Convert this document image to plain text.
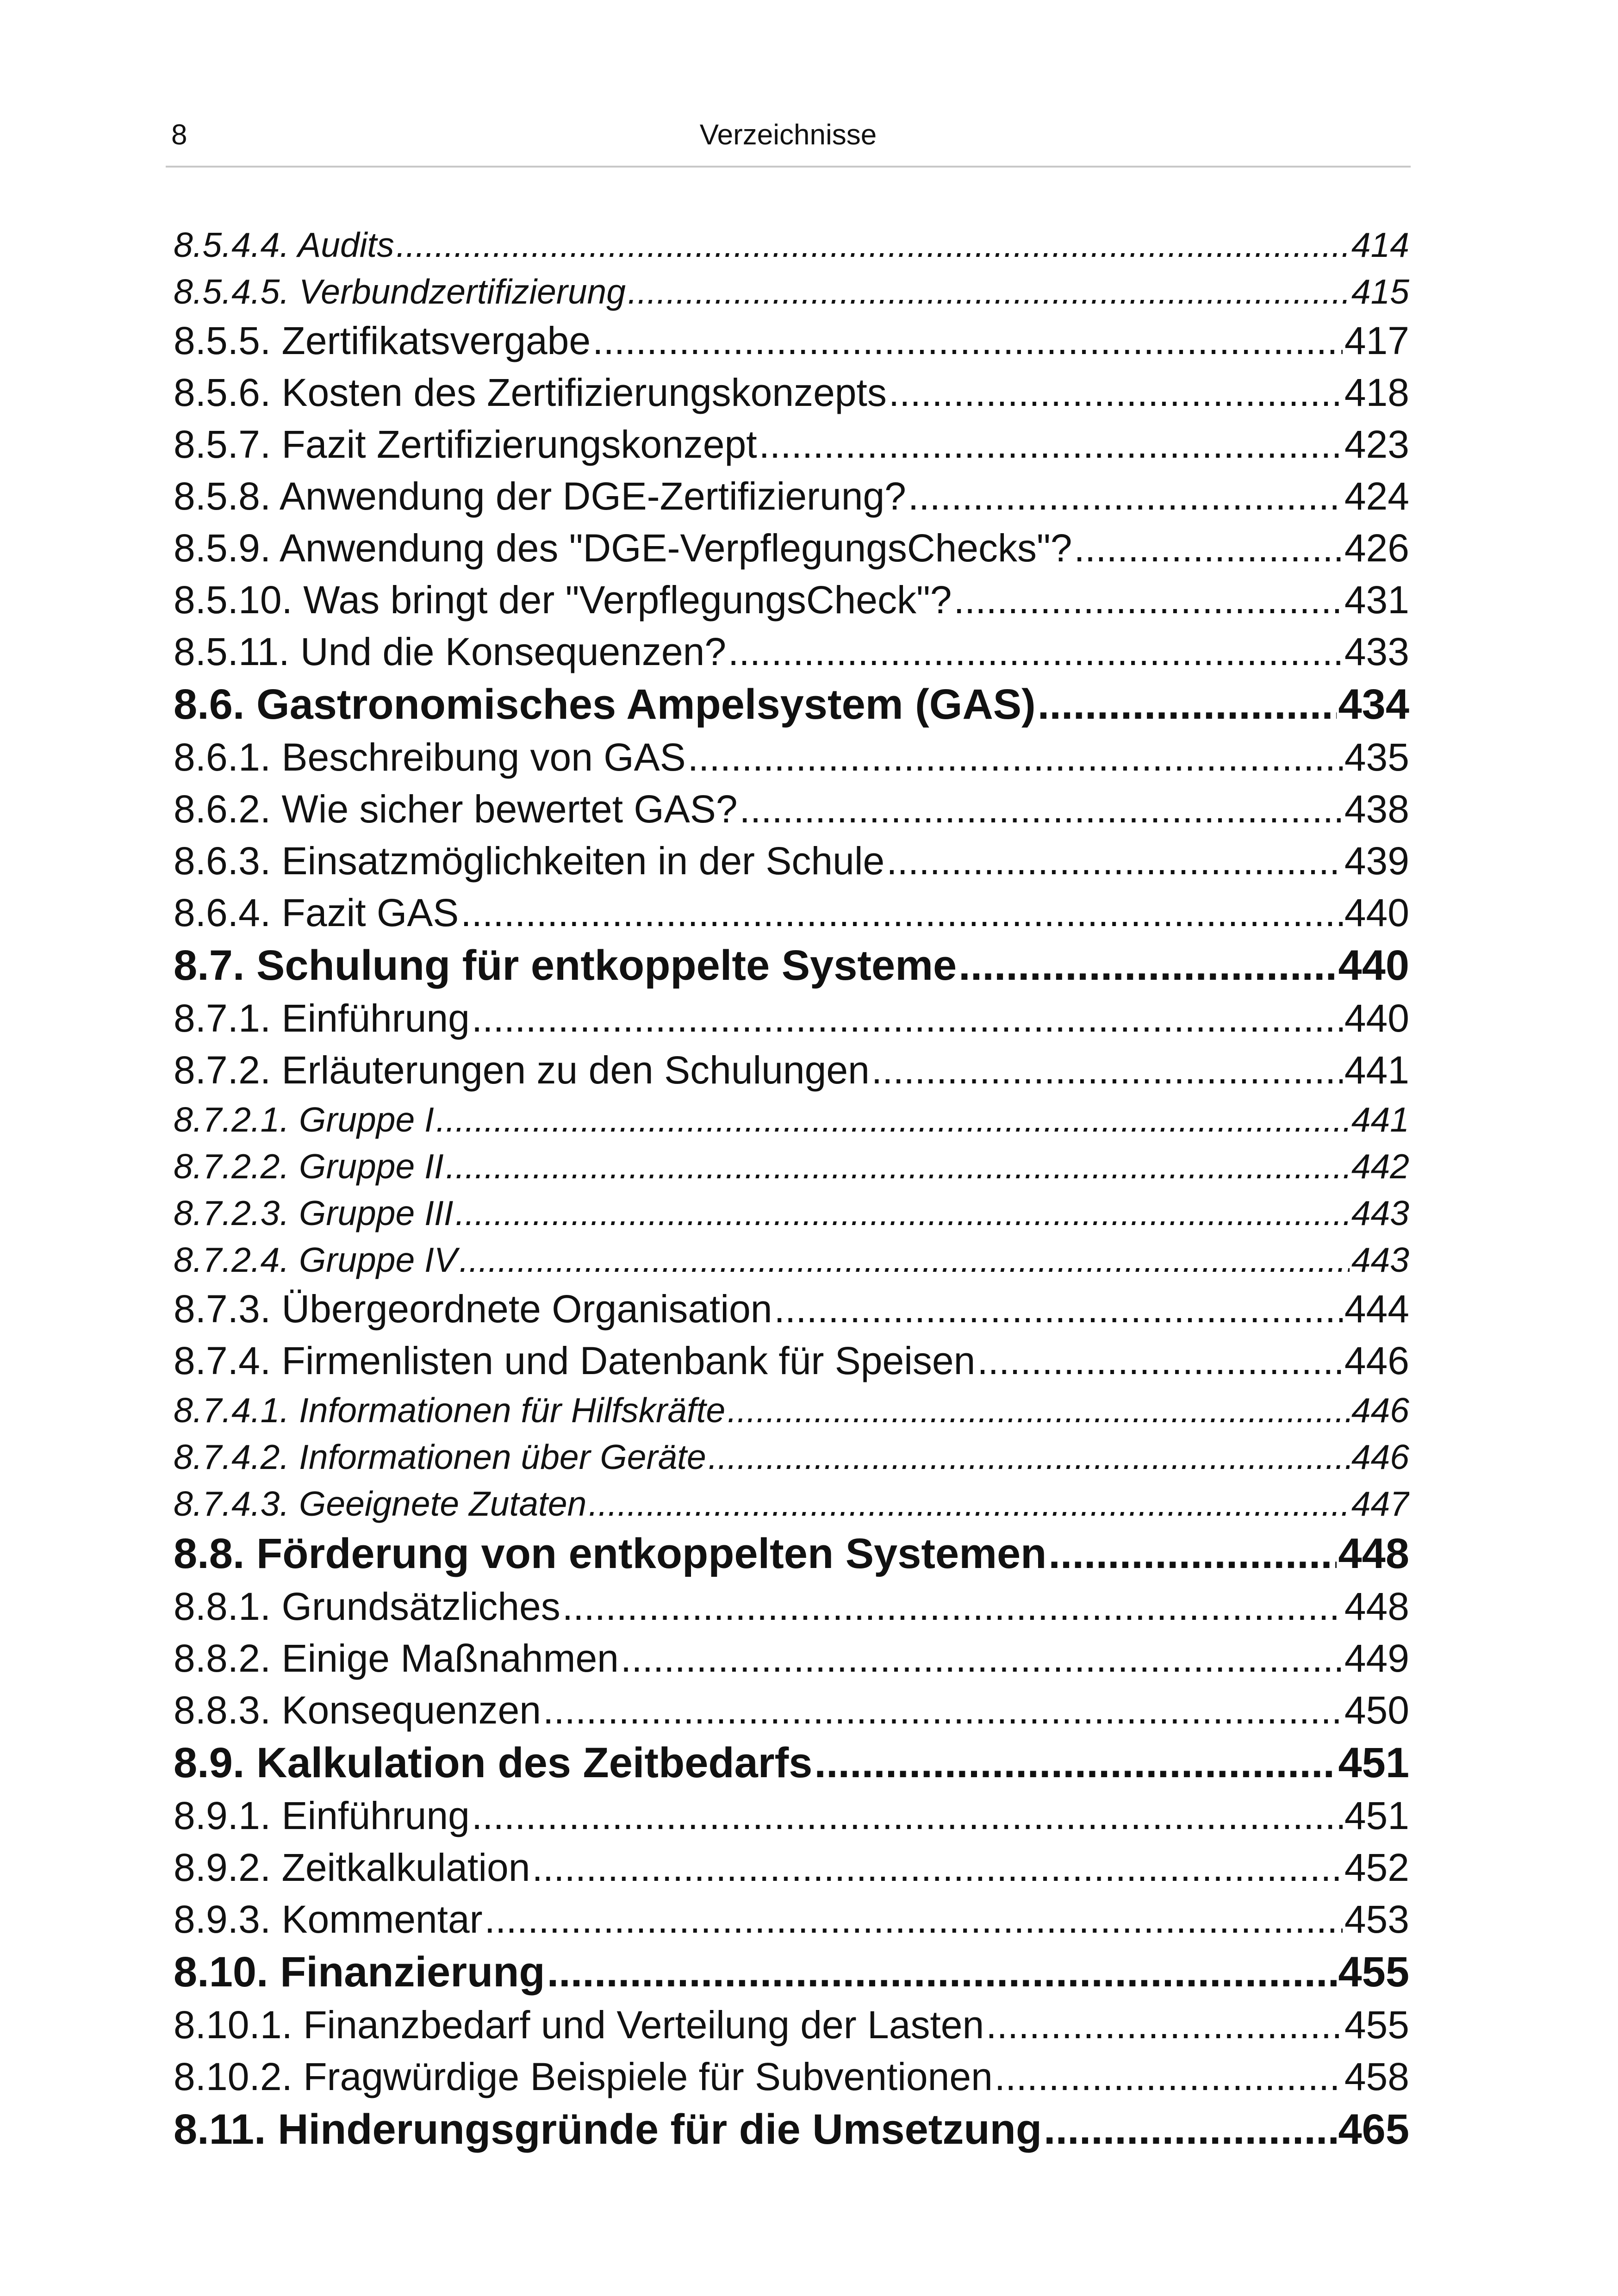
8	Verzeichnisse
8.5.4.4. Audits .....	414
8.5.4.5. Verbundzertifizierung .....	415
8.5.5. Zertifikatsvergabe .....	417
8.5.6. Kosten des Zertifizierungskonzepts .....	418
8.5.7. Fazit Zertifizierungskonzept .....	423
8.5.8. Anwendung der DGE-Zertifizierung? .....	424
8.5.9. Anwendung des "DGE-VerpflegungsChecks"? .....	426
8.5.10. Was bringt der "VerpflegungsCheck"? .....	431
8.5.11. Und die Konsequenzen? .....	433
8.6. Gastronomisches Ampelsystem (GAS) .....	434
8.6.1. Beschreibung von GAS .....	435
8.6.2. Wie sicher bewertet GAS? .....	438
8.6.3. Einsatzmöglichkeiten in der Schule .....	439
8.6.4. Fazit GAS .....	440
8.7. Schulung für entkoppelte Systeme .....	440
8.7.1. Einführung .....	440
8.7.2. Erläuterungen zu den Schulungen .....	441
8.7.2.1. Gruppe I .....	441
8.7.2.2. Gruppe II .....	442
8.7.2.3. Gruppe III .....	443
8.7.2.4. Gruppe IV .....	443
8.7.3. Übergeordnete Organisation .....	444
8.7.4. Firmenlisten und Datenbank für Speisen .....	446
8.7.4.1. Informationen für Hilfskräfte .....	446
8.7.4.2. Informationen über Geräte .....	446
8.7.4.3. Geeignete Zutaten .....	447
8.8. Förderung von entkoppelten Systemen .....	448
8.8.1. Grundsätzliches .....	448
8.8.2. Einige Maßnahmen .....	449
8.8.3. Konsequenzen .....	450
8.9. Kalkulation des Zeitbedarfs .....	451
8.9.1. Einführung .....	451
8.9.2. Zeitkalkulation .....	452
8.9.3. Kommentar .....	453
8.10. Finanzierung .....	455
8.10.1. Finanzbedarf und Verteilung der Lasten .....	455
8.10.2. Fragwürdige Beispiele für Subventionen .....	458
8.11. Hinderungsgründe für die Umsetzung .....	465
